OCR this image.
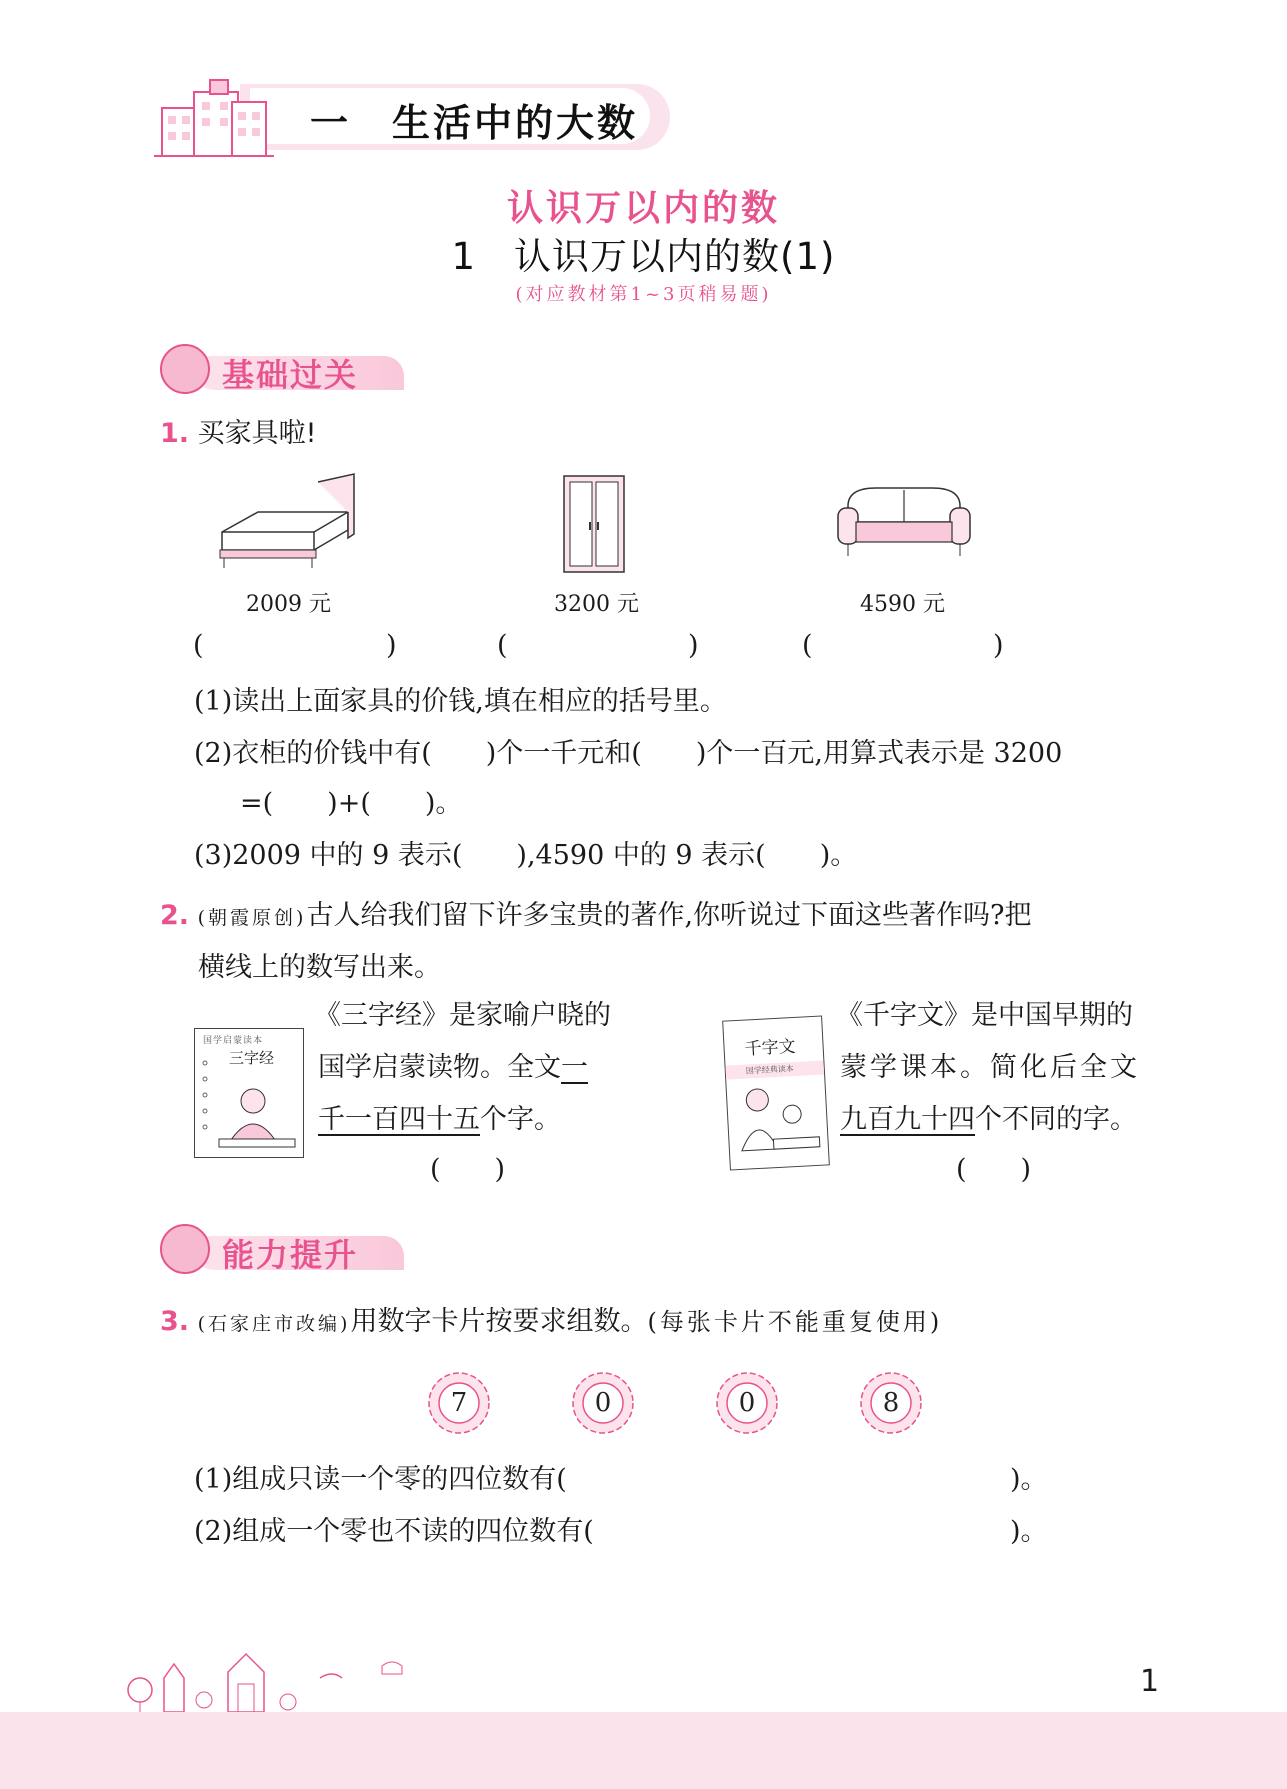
一　生活中的大数
认识万以内的数
1　认识万以内的数(1)
(对应教材第1~3页稍易题)
基础过关
1. 买家具啦!
2009 元	3200 元	4590 元
(	)	(	)	(	)
(1)读出上面家具的价钱,填在相应的括号里。
(2)衣柜的价钱中有(　　)个一千元和(　　)个一百元,用算式表示是 3200
=(　　)+(　　)。
(3)2009 中的 9 表示(　　),4590 中的 9 表示(　　)。
2. (朝霞原创)古人给我们留下许多宝贵的著作,你听说过下面这些著作吗?把
横线上的数写出来。
国学启蒙读本
三字经
《三字经》是家喻户晓的
国学启蒙读物。全文一
千一百四十五个字。
(　　)
千字文
国学经典读本
《千字文》是中国早期的
蒙学课本。简化后全文
九百九十四个不同的字。
(　　)
能力提升
3. (石家庄市改编)用数字卡片按要求组数。(每张卡片不能重复使用)
7	0	0	8
(1)组成只读一个零的四位数有(	)。
(2)组成一个零也不读的四位数有(	)。
1
